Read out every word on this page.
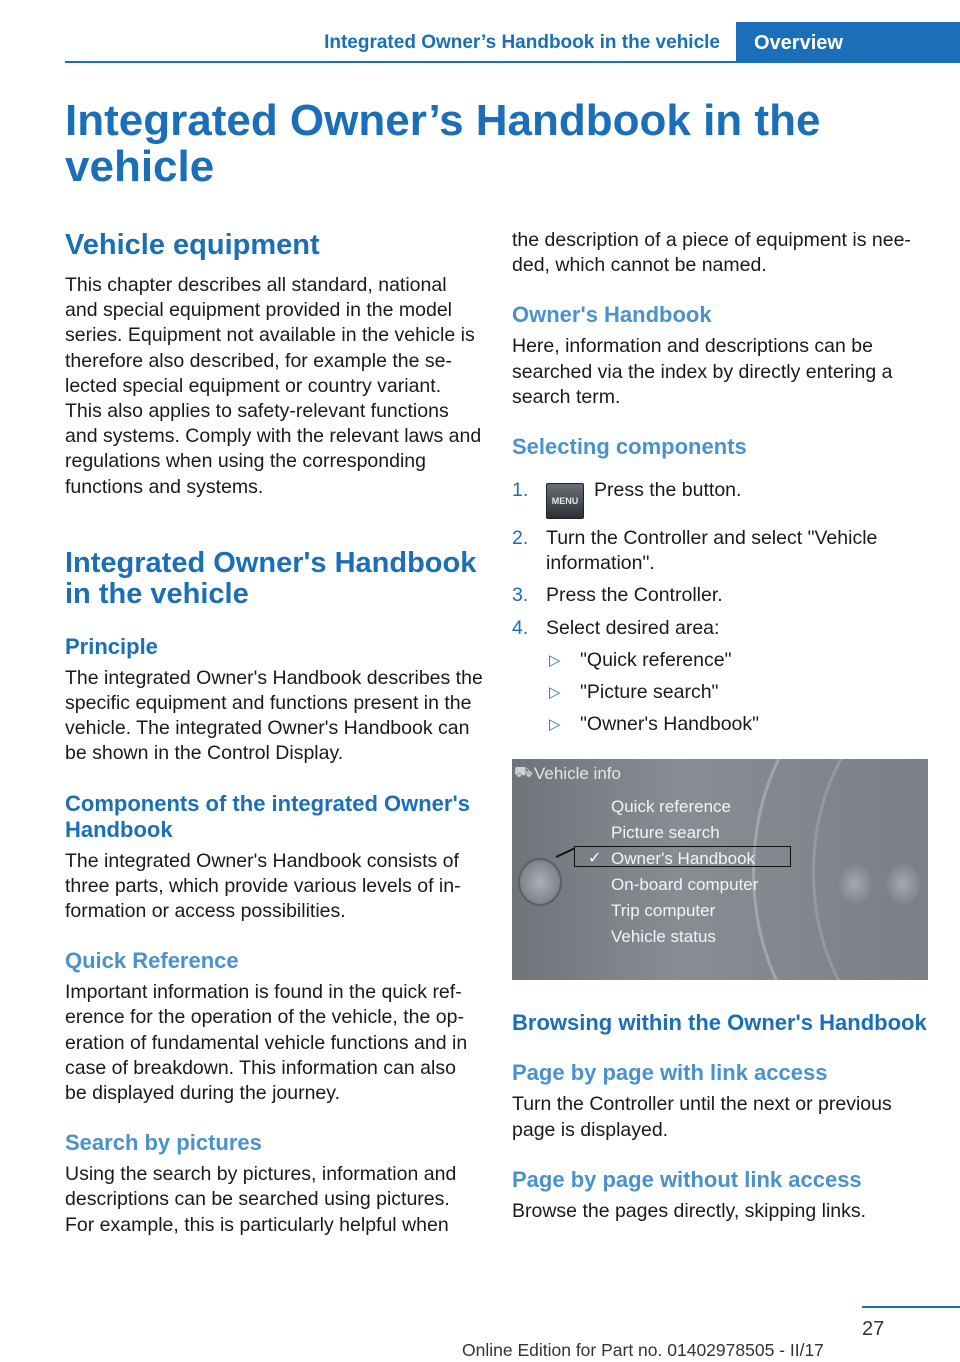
Integrated Owner’s Handbook in the vehicle	Overview
Integrated Owner’s Handbook in the vehicle
Vehicle equipment

This chapter describes all standard, national and special equipment provided in the model series. Equipment not available in the vehicle is therefore also described, for example the selected special equipment or country variant. This also applies to safety-relevant functions and systems. Comply with the relevant laws and regulations when using the corresponding functions and systems.

Integrated Owner's Handbook in the vehicle
Principle

The integrated Owner's Handbook describes the specific equipment and functions present in the vehicle. The integrated Owner's Handbook can be shown in the Control Display.

Components of the integrated Owner's Handbook

The integrated Owner's Handbook consists of three parts, which provide various levels of information or access possibilities.

Quick Reference

Important information is found in the quick reference for the operation of the vehicle, the operation of fundamental vehicle functions and in case of breakdown. This information can also be displayed during the journey.

Search by pictures

Using the search by pictures, information and descriptions can be searched using pictures. For example, this is particularly helpful when

the description of a piece of equipment is needed, which cannot be named.

Owner's Handbook

Here, information and descriptions can be searched via the index by directly entering a search term.

Selecting components
1.	MENU Press the button.
2. Turn the Controller and select "Vehicle information".
3. Press the Controller.
4. Select desired area:
▷ "Quick reference"
▷ "Picture search"
▷ "Owner's Handbook"
⛟ Vehicle info
Quick reference
Picture search
✓ Owner's Handbook
On-board computer
Trip computer
Vehicle status
Browsing within the Owner's Handbook
Page by page with link access

Turn the Controller until the next or previous page is displayed.

Page by page without link access

Browse the pages directly, skipping links.

27
Online Edition for Part no. 01402978505 - II/17
